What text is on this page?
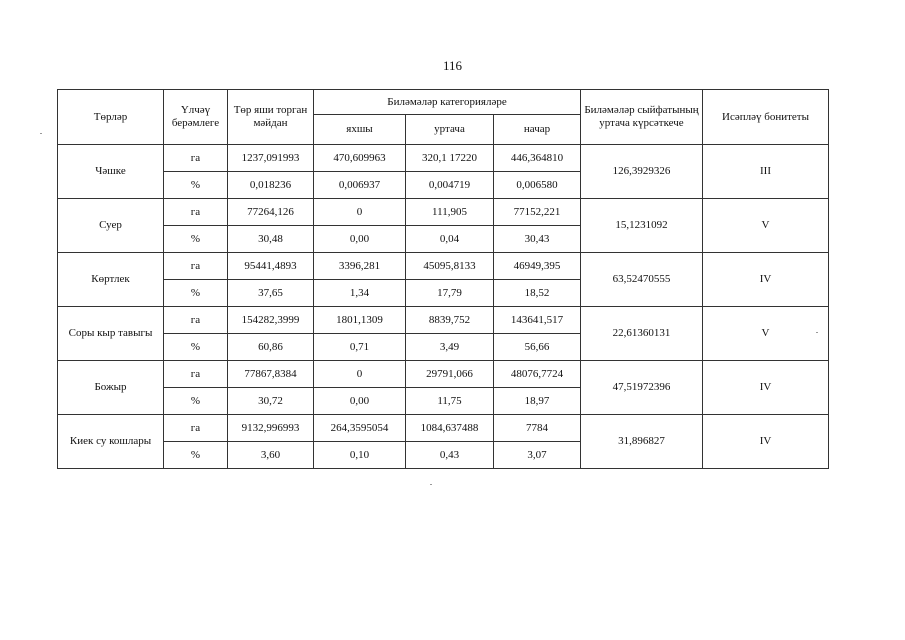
116
Төрләр	Үлчәү берәмлеге	Төр яши торган мәйдан	Биләмәләр категорияләре			Биләмәләр сыйфатының уртача күрсәткече	Исәпләү бонитеты
			яхшы	уртача	начар		
Чәшке	га	1237,091993	470,609963	320,1 17220	446,364810	126,3929326	III
	%	0,018236	0,006937	0,004719	0,006580		
Суер	га	77264,126	0	111,905	77152,221	15,1231092	V
	%	30,48	0,00	0,04	30,43		
Көртлек	га	95441,4893	3396,281	45095,8133	46949,395	63,52470555	IV
	%	37,65	1,34	17,79	18,52		
Соры кыр тавыгы	га	154282,3999	1801,1309	8839,752	143641,517	22,61360131	V
	%	60,86	0,71	3,49	56,66		
Божыр	га	77867,8384	0	29791,066	48076,7724	47,51972396	IV
	%	30,72	0,00	11,75	18,97		
Киек су кошлары	га	9132,996993	264,3595054	1084,637488	7784	31,896827	IV
	%	3,60	0,10	0,43	3,07		
